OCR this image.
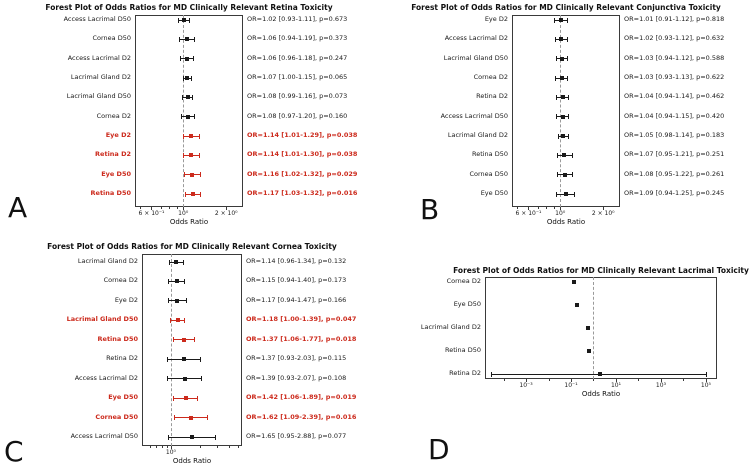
Forest Plot of Odds Ratios for MD Clinically Relevant Retina Toxicity
Odds Ratio
A	6 × 10⁻¹ 10⁰	2 × 10⁰
Access Lacrimal D50	OR=1.02 [0.93-1.11], p=0.673
Cornea D50	OR=1.06 [0.94-1.19], p=0.373
Access Lacrimal D2	OR=1.06 [0.96-1.18], p=0.247
Lacrimal Gland D2	OR=1.07 [1.00-1.15], p=0.065
Lacrimal Gland D50	OR=1.08 [0.99-1.16], p=0.073
Cornea D2	OR=1.08 [0.97-1.20], p=0.160
Eye D2	OR=1.14 [1.01-1.29], p=0.038
Retina D2	OR=1.14 [1.01-1.30], p=0.038
Eye D50	OR=1.16 [1.02-1.32], p=0.029
Retina D50	OR=1.17 [1.03-1.32], p=0.016
Forest Plot of Odds Ratios for MD Clinically Relevant Conjunctiva Toxicity
Odds Ratio
B	6 × 10⁻¹ 10⁰	2 × 10⁰
Eye D2	OR=1.01 [0.91-1.12], p=0.818
Access Lacrimal D2	OR=1.02 [0.93-1.12], p=0.632
Lacrimal Gland D50	OR=1.03 [0.94-1.12], p=0.588
Cornea D2	OR=1.03 [0.93-1.13], p=0.622
Retina D2	OR=1.04 [0.94-1.14], p=0.462
Access Lacrimal D50	OR=1.04 [0.94-1.15], p=0.420
Lacrimal Gland D2	OR=1.05 [0.98-1.14], p=0.183
Retina D50	OR=1.07 [0.95-1.21], p=0.251
Cornea D50	OR=1.08 [0.95-1.22], p=0.261
Eye D50	OR=1.09 [0.94-1.25], p=0.245
Forest Plot of Odds Ratios for MD Clinically Relevant Cornea Toxicity
Odds Ratio
C	10⁰
Lacrimal Gland D2	OR=1.14 [0.96-1.34], p=0.132
Cornea D2	OR=1.15 [0.94-1.40], p=0.173
Eye D2	OR=1.17 [0.94-1.47], p=0.166
Lacrimal Gland D50	OR=1.18 [1.00-1.39], p=0.047
Retina D50	OR=1.37 [1.06-1.77], p=0.018
Retina D2	OR=1.37 [0.93-2.03], p=0.115
Access Lacrimal D2	OR=1.39 [0.93-2.07], p=0.108
Eye D50	OR=1.42 [1.06-1.89], p=0.019
Cornea D50	OR=1.62 [1.09-2.39], p=0.016
Access Lacrimal D50	OR=1.65 [0.95-2.88], p=0.077
Forest Plot of Odds Ratios for MD Clinically Relevant Lacrimal Toxicity
Odds Ratio
D
10⁻³	10⁻¹	10¹	10³	10⁵
Cornea D2
Eye D50
Lacrimal Gland D2
Retina D50
Retina D2
